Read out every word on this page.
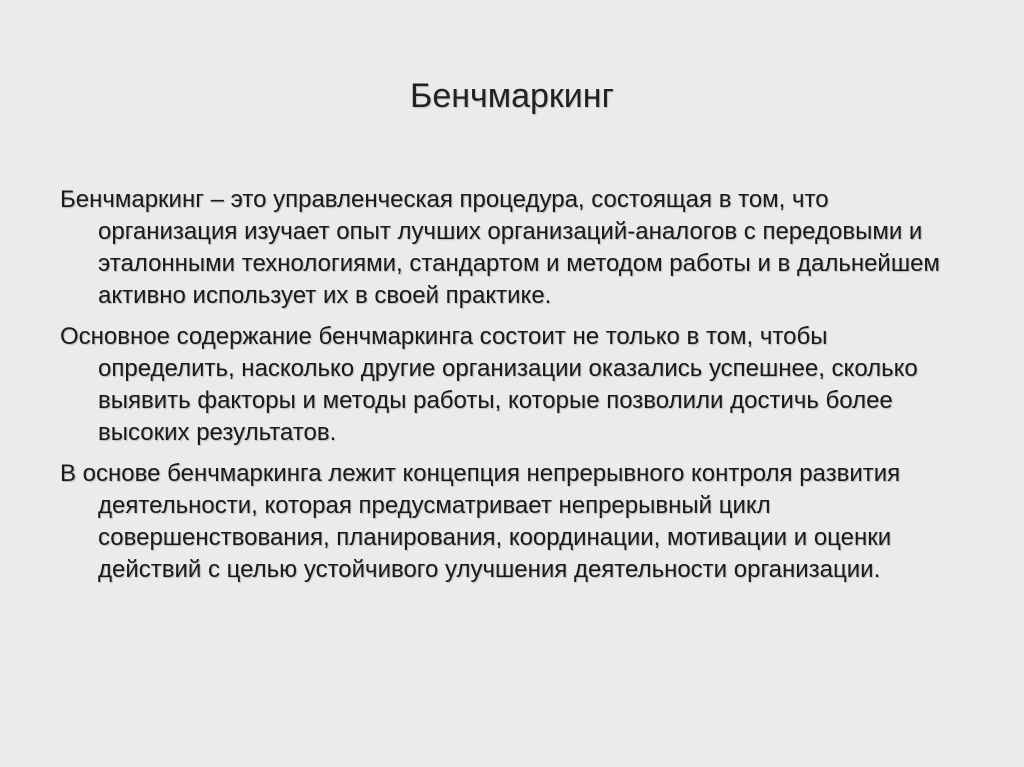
Бенчмаркинг

Бенчмаркинг – это управленческая процедура, состоящая в том, что организация изучает опыт лучших организаций-аналогов с передовыми и эталонными технологиями, стандартом и методом работы и в дальнейшем активно использует их в своей практике.

Основное содержание бенчмаркинга состоит не только в том, чтобы определить, насколько другие организации оказались успешнее, сколько выявить факторы и методы работы, которые позволили достичь более высоких результатов.

В основе бенчмаркинга лежит концепция непрерывного контроля развития деятельности, которая предусматривает непрерывный цикл совершенствования, планирования, координации, мотивации и оценки действий с целью устойчивого улучшения деятельности организации.
